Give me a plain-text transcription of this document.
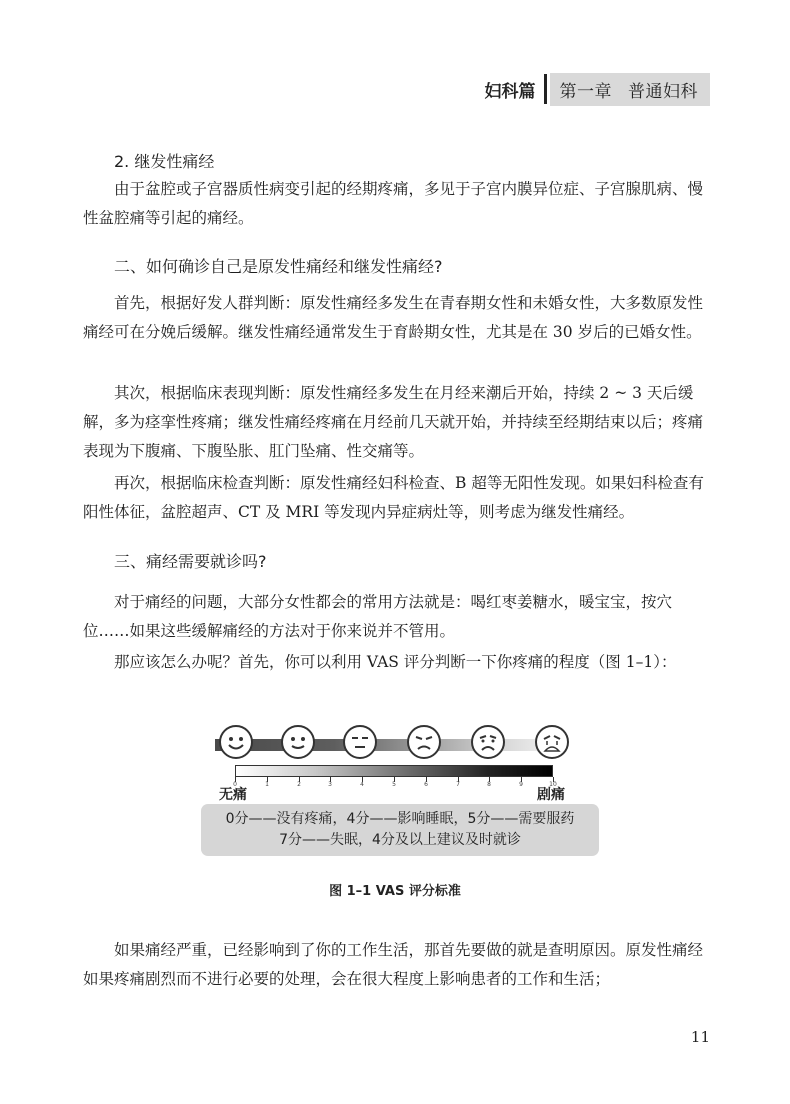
妇科篇	第一章 普通妇科
2. 继发性痛经
由于盆腔或子宫器质性病变引起的经期疼痛，多见于子宫内膜异位症、子宫腺肌病、慢性盆腔痛等引起的痛经。
二、如何确诊自己是原发性痛经和继发性痛经?
首先，根据好发人群判断：原发性痛经多发生在青春期女性和未婚女性，大多数原发性痛经可在分娩后缓解。继发性痛经通常发生于育龄期女性，尤其是在 30 岁后的已婚女性。
其次，根据临床表现判断：原发性痛经多发生在月经来潮后开始，持续 2 ~ 3 天后缓解，多为痉挛性疼痛；继发性痛经疼痛在月经前几天就开始，并持续至经期结束以后；疼痛表现为下腹痛、下腹坠胀、肛门坠痛、性交痛等。
再次，根据临床检查判断：原发性痛经妇科检查、B 超等无阳性发现。如果妇科检查有阳性体征，盆腔超声、CT 及 MRI 等发现内异症病灶等，则考虑为继发性痛经。
三、痛经需要就诊吗?
对于痛经的问题，大部分女性都会的常用方法就是：喝红枣姜糖水，暖宝宝，按穴位……如果这些缓解痛经的方法对于你来说并不管用。
那应该怎么办呢？首先，你可以利用 VAS 评分判断一下你疼痛的程度（图 1–1）：
0	1	2	3	4	5	6	7	8	9	10
无痛	剧痛
0分——没有疼痛，4分——影响睡眠，5分——需要服药
7分——失眠，4分及以上建议及时就诊
图 1–1 VAS 评分标准
如果痛经严重，已经影响到了你的工作生活，那首先要做的就是查明原因。原发性痛经如果疼痛剧烈而不进行必要的处理，会在很大程度上影响患者的工作和生活；
11
